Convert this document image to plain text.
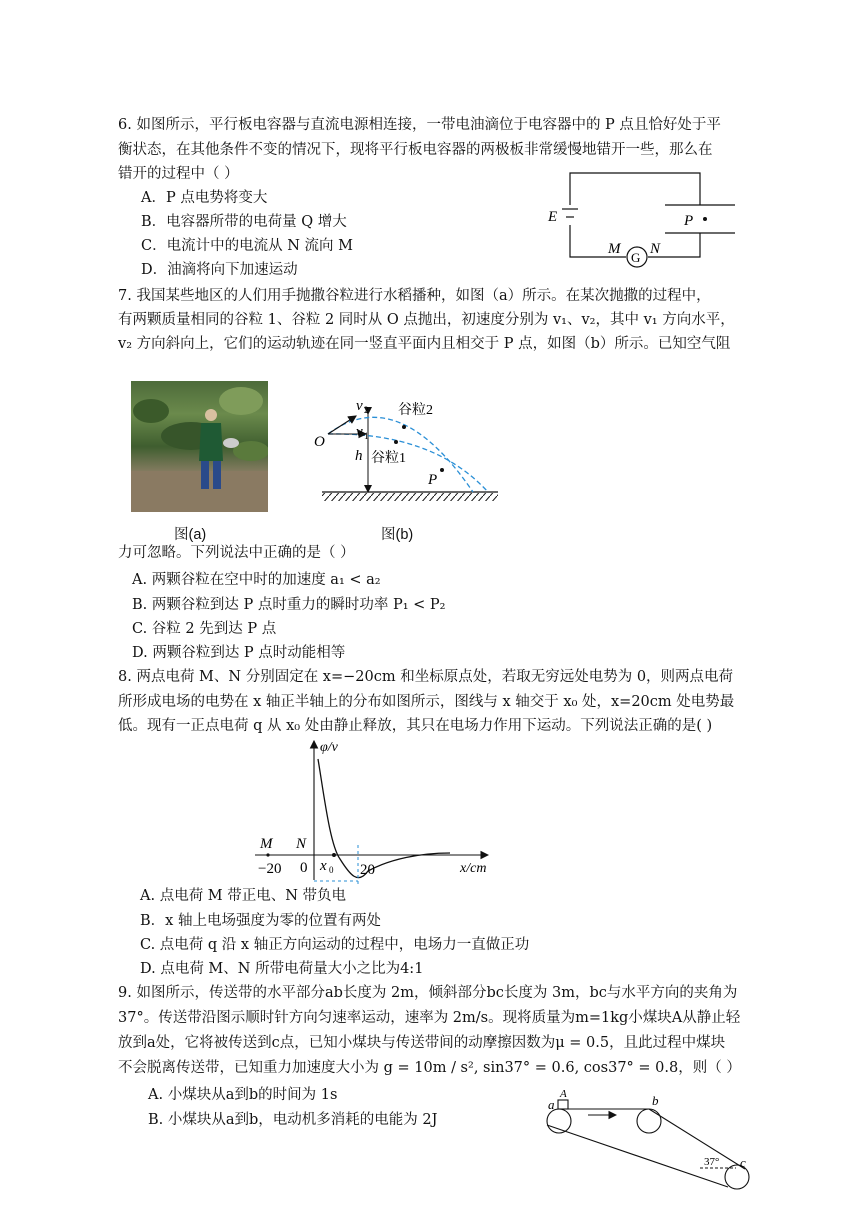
6. 如图所示，平行板电容器与直流电源相连接，一带电油滴位于电容器中的 P 点且恰好处于平
衡状态，在其他条件不变的情况下，现将平行板电容器的两极板非常缓慢地错开一些，那么在
错开的过程中（ ）
A．P 点电势将变大
B．电容器所带的电荷量 Q 增大
C．电流计中的电流从 N 流向 M
D．油滴将向下加速运动
E	P
M N
G
7. 我国某些地区的人们用手抛撒谷粒进行水稻播种，如图（a）所示。在某次抛撒的过程中，
有两颗质量相同的谷粒 1、谷粒 2 同时从 O 点抛出，初速度分别为 v₁、v₂，其中 v₁ 方向水平，
v₂ 方向斜向上，它们的运动轨迹在同一竖直平面内且相交于 P 点，如图（b）所示。已知空气阻
v 2
v 1
O
h
谷粒2
谷粒1
P
图(a)	图(b)
力可忽略。下列说法中正确的是（ ）
A. 两颗谷粒在空中时的加速度 a₁ < a₂
B. 两颗谷粒到达 P 点时重力的瞬时功率 P₁ < P₂
C. 谷粒 2 先到达 P 点
D. 两颗谷粒到达 P 点时动能相等
8. 两点电荷 M、N 分别固定在 x=−20cm 和坐标原点处，若取无穷远处电势为 0，则两点电荷
所形成电场的电势在 x 轴正半轴上的分布如图所示，图线与 x 轴交于 x₀ 处，x=20cm 处电势最
低。现有一正点电荷 q 从 x₀ 处由静止释放，其只在电场力作用下运动。下列说法正确的是( )
φ/v
x/cm
M N
−20 0 x 0 20
A. 点电荷 M 带正电、N 带负电
B．x 轴上电场强度为零的位置有两处
C. 点电荷 q 沿 x 轴正方向运动的过程中，电场力一直做正功
D. 点电荷 M、N 所带电荷量大小之比为4:1
9. 如图所示，传送带的水平部分ab长度为 2m，倾斜部分bc长度为 3m，bc与水平方向的夹角为
37°。传送带沿图示顺时针方向匀速率运动，速率为 2m/s。现将质量为m=1kg小煤块A从静止轻
放到a处，它将被传送到c点，已知小煤块与传送带间的动摩擦因数为μ = 0.5，且此过程中煤块
不会脱离传送带，已知重力加速度大小为 g = 10m / s², sin37° = 0.6, cos37° = 0.8，则（ ）
A. 小煤块从a到b的时间为 1s
B. 小煤块从a到b，电动机多消耗的电能为 2J
a
A	b
c
37°
